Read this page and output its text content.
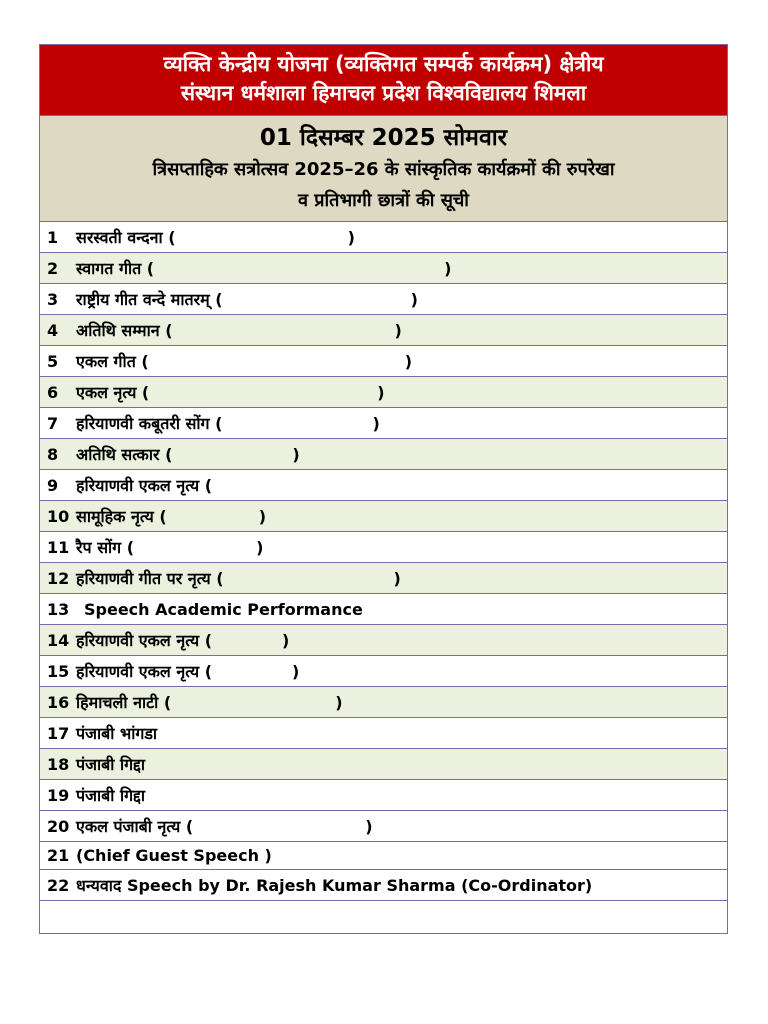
व्यक्ति केन्द्रीय योजना (व्यक्तिगत सम्पर्क कार्यक्रम) क्षेत्रीय
संस्थान धर्मशाला हिमाचल प्रदेश विश्वविद्यालय शिमला
01 दिसम्बर 2025 सोमवार
त्रिसप्ताहिक सत्रोत्सव 2025–26 के सांस्कृतिक कार्यक्रमों की रुपरेखा
व प्रतिभागी छात्रों की सूची
1	सरस्वती वन्दना (	)
2	स्वागत गीत (	)
3	राष्ट्रीय गीत वन्दे मातरम् (	)
4	अतिथि सम्मान (	)
5	एकल गीत (	)
6	एकल नृत्य (	)
7	हरियाणवी कबूतरी सोंग (	)
8	अतिथि सत्कार (	)
9	हरियाणवी एकल नृत्य (
10 सामूहिक नृत्य (	)
11 रैप सोंग (	)
12 हरियाणवी गीत पर नृत्य (	)
13 Speech Academic Performance
14 हरियाणवी एकल नृत्य (	)
15 हरियाणवी एकल नृत्य (	)
16 हिमाचली नाटी (	)
17 पंजाबी भांगडा
18 पंजाबी गिद्दा
19 पंजाबी गिद्दा
20 एकल पंजाबी नृत्य (	)
21 (Chief Guest Speech )
22 धन्यवाद Speech by Dr. Rajesh Kumar Sharma (Co-Ordinator)
